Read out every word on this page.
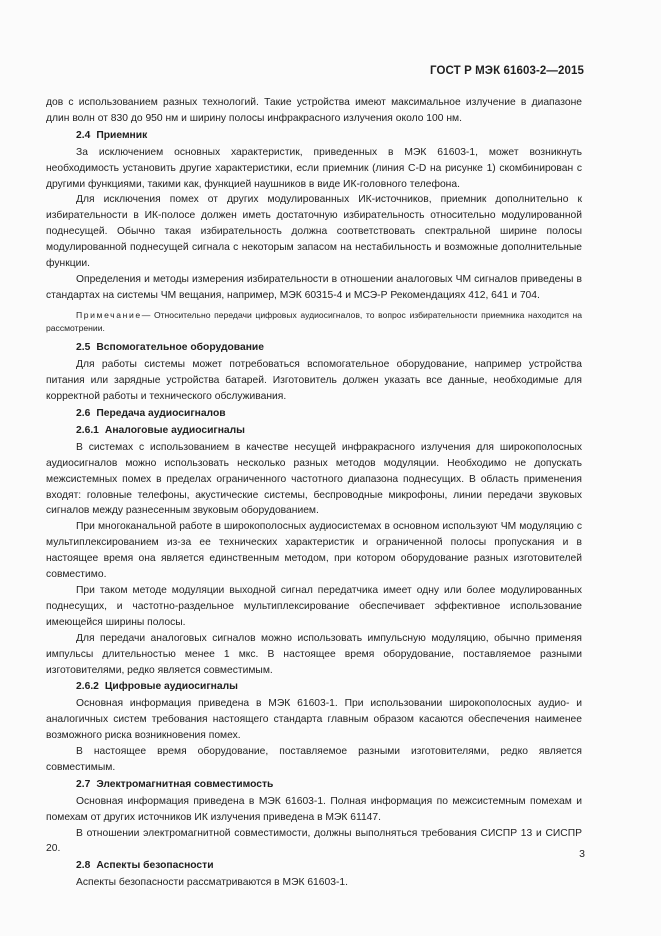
ГОСТ Р МЭК 61603-2—2015

дов с использованием разных технологий. Такие устройства имеют максимальное излучение в диапазоне длин волн от 830 до 950 нм и ширину полосы инфракрасного излучения около 100 нм.

2.4 Приемник

За исключением основных характеристик, приведенных в МЭК 61603-1, может возникнуть необходимость установить другие характеристики, если приемник (линия C-D на рисунке 1) скомбинирован с другими функциями, такими как, функцией наушников в виде ИК-головного телефона.

Для исключения помех от других модулированных ИК-источников, приемник дополнительно к избирательности в ИК-полосе должен иметь достаточную избирательность относительно модулированной поднесущей. Обычно такая избирательность должна соответствовать спектральной ширине полосы модулированной поднесущей сигнала с некоторым запасом на нестабильность и возможные дополнительные функции.

Определения и методы измерения избирательности в отношении аналоговых ЧМ сигналов приведены в стандартах на системы ЧМ вещания, например, МЭК 60315-4 и МСЭ-Р Рекомендациях 412, 641 и 704.

Примечание— Относительно передачи цифровых аудиосигналов, то вопрос избирательности приемника находится на рассмотрении.

2.5 Вспомогательное оборудование

Для работы системы может потребоваться вспомогательное оборудование, например устройства питания или зарядные устройства батарей. Изготовитель должен указать все данные, необходимые для корректной работы и технического обслуживания.

2.6 Передача аудиосигналов
2.6.1 Аналоговые аудиосигналы

В системах с использованием в качестве несущей инфракрасного излучения для широкополосных аудиосигналов можно использовать несколько разных методов модуляции. Необходимо не допускать межсистемных помех в пределах ограниченного частотного диапазона поднесущих. В область применения входят: головные телефоны, акустические системы, беспроводные микрофоны, линии передачи звуковых сигналов между разнесенным звуковым оборудованием.

При многоканальной работе в широкополосных аудиосистемах в основном используют ЧМ модуляцию с мультиплексированием из-за ее технических характеристик и ограниченной полосы пропускания и в настоящее время она является единственным методом, при котором оборудование разных изготовителей совместимо.

При таком методе модуляции выходной сигнал передатчика имеет одну или более модулированных поднесущих, и частотно-раздельное мультиплексирование обеспечивает эффективное использование имеющейся ширины полосы.

Для передачи аналоговых сигналов можно использовать импульсную модуляцию, обычно применяя импульсы длительностью менее 1 мкс. В настоящее время оборудование, поставляемое разными изготовителями, редко является совместимым.

2.6.2 Цифровые аудиосигналы

Основная информация приведена в МЭК 61603-1. При использовании широкополосных аудио- и аналогичных систем требования настоящего стандарта главным образом касаются обеспечения наименее возможного риска возникновения помех.

В настоящее время оборудование, поставляемое разными изготовителями, редко является совместимым.

2.7 Электромагнитная совместимость

Основная информация приведена в МЭК 61603-1. Полная информация по межсистемным помехам и помехам от других источников ИК излучения приведена в МЭК 61147.

В отношении электромагнитной совместимости, должны выполняться требования СИСПР 13 и СИСПР 20.

2.8 Аспекты безопасности

Аспекты безопасности рассматриваются в МЭК 61603-1.

3
